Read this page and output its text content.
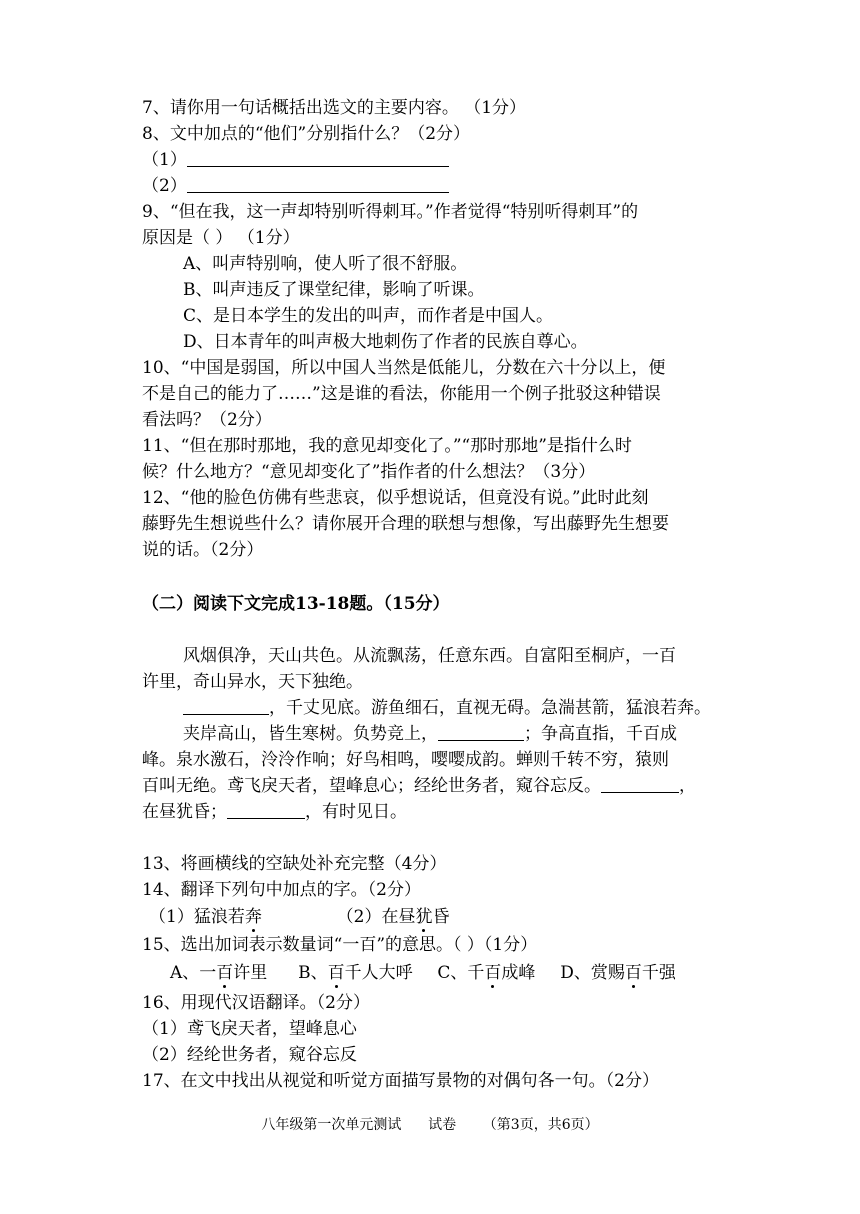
7、请你用一句话概括出选文的主要内容。 （1分）
8、文中加点的“他们”分别指什么？（2分）
（1）
（2）
9、“但在我，这一声却特别听得刺耳。”作者觉得“特别听得刺耳”的
原因是（ ） （1分）
A、叫声特别响，使人听了很不舒服。
B、叫声违反了课堂纪律，影响了听课。
C、是日本学生的发出的叫声，而作者是中国人。
D、日本青年的叫声极大地刺伤了作者的民族自尊心。
10、“中国是弱国，所以中国人当然是低能儿，分数在六十分以上，便
不是自己的能力了……”这是谁的看法，你能用一个例子批驳这种错误
看法吗？（2分）
11、“但在那时那地，我的意见却变化了。”“那时那地”是指什么时
候？什么地方？“意见却变化了”指作者的什么想法？（3分）
12、“他的脸色仿佛有些悲哀，似乎想说话，但竟没有说。”此时此刻
藤野先生想说些什么？请你展开合理的联想与想像，写出藤野先生想要
说的话。（2分）
（二）阅读下文完成13-18题。（15分）
风烟俱净，天山共色。从流飘荡，任意东西。自富阳至桐庐，一百
许里，奇山异水，天下独绝。
，千丈见底。游鱼细石，直视无碍。急湍甚箭，猛浪若奔。
夹岸高山，皆生寒树。负势竞上，	；争高直指，千百成
峰。泉水激石，泠泠作响；好鸟相鸣，嘤嘤成韵。蝉则千转不穷，猿则
百叫无绝。鸢飞戾天者，望峰息心；经纶世务者，窥谷忘反。	，
在昼犹昏；	，有时见日。
13、将画横线的空缺处补充完整（4分）
14、翻译下列句中加点的字。（2分）
（1）猛浪若奔	（2）在昼犹昏
15、选出加词表示数量词“一百”的意思。（ ）（1分）
A、一百许里 B、百千人大呼 C、千百成峰 D、赏赐百千强
16、用现代汉语翻译。（2分）
（1）鸢飞戾天者，望峰息心
（2）经纶世务者，窥谷忘反
17、在文中找出从视觉和听觉方面描写景物的对偶句各一句。（2分）
八年级第一次单元测试      试卷      （第3页，共6页）
